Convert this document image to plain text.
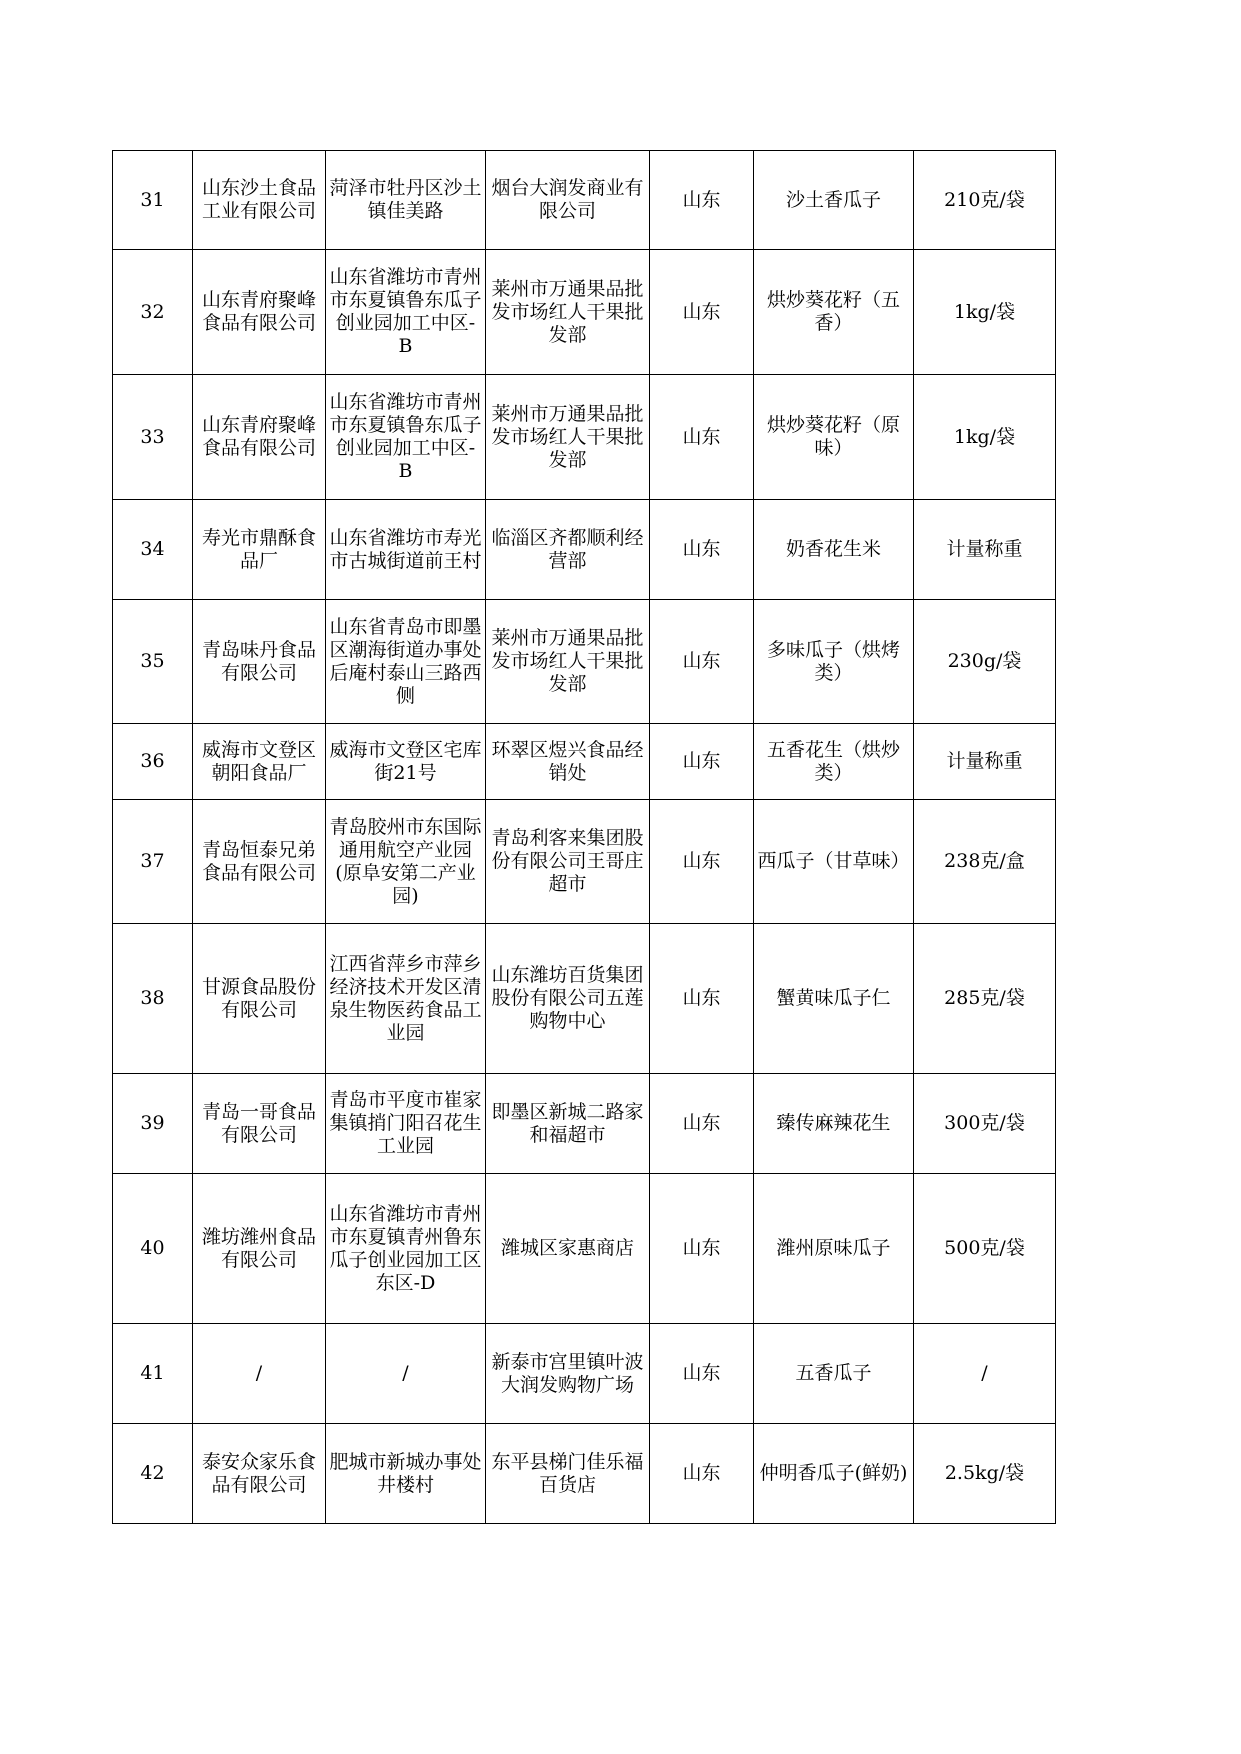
31	山东沙土食品工业有限公司	菏泽市牡丹区沙土镇佳美路	烟台大润发商业有限公司	山东	沙土香瓜子	210克/袋
32	山东青府聚峰食品有限公司	山东省潍坊市青州市东夏镇鲁东瓜子创业园加工中区-B	莱州市万通果品批发市场红人干果批发部	山东	烘炒葵花籽（五香）	1kg/袋
33	山东青府聚峰食品有限公司	山东省潍坊市青州市东夏镇鲁东瓜子创业园加工中区-B	莱州市万通果品批发市场红人干果批发部	山东	烘炒葵花籽（原味）	1kg/袋
34	寿光市鼎酥食品厂	山东省潍坊市寿光市古城街道前王村	临淄区齐都顺利经营部	山东	奶香花生米	计量称重
35	青岛味丹食品有限公司	山东省青岛市即墨区潮海街道办事处后庵村泰山三路西侧	莱州市万通果品批发市场红人干果批发部	山东	多味瓜子（烘烤类）	230g/袋
36	威海市文登区朝阳食品厂	威海市文登区宅库街21号	环翠区煜兴食品经销处	山东	五香花生（烘炒类）	计量称重
37	青岛恒泰兄弟食品有限公司	青岛胶州市东国际通用航空产业园(原阜安第二产业园)	青岛利客来集团股份有限公司王哥庄超市	山东	西瓜子（甘草味）	238克/盒
38	甘源食品股份有限公司	江西省萍乡市萍乡经济技术开发区清泉生物医药食品工业园	山东潍坊百货集团股份有限公司五莲购物中心	山东	蟹黄味瓜子仁	285克/袋
39	青岛一哥食品有限公司	青岛市平度市崔家集镇捎门阳召花生工业园	即墨区新城二路家和福超市	山东	臻传麻辣花生	300克/袋
40	潍坊潍州食品有限公司	山东省潍坊市青州市东夏镇青州鲁东瓜子创业园加工区东区-D	潍城区家惠商店	山东	潍州原味瓜子	500克/袋
41	/	/	新泰市宫里镇叶波大润发购物广场	山东	五香瓜子	/
42	泰安众家乐食品有限公司	肥城市新城办事处井楼村	东平县梯门佳乐福百货店	山东	仲明香瓜子(鲜奶)	2.5kg/袋
